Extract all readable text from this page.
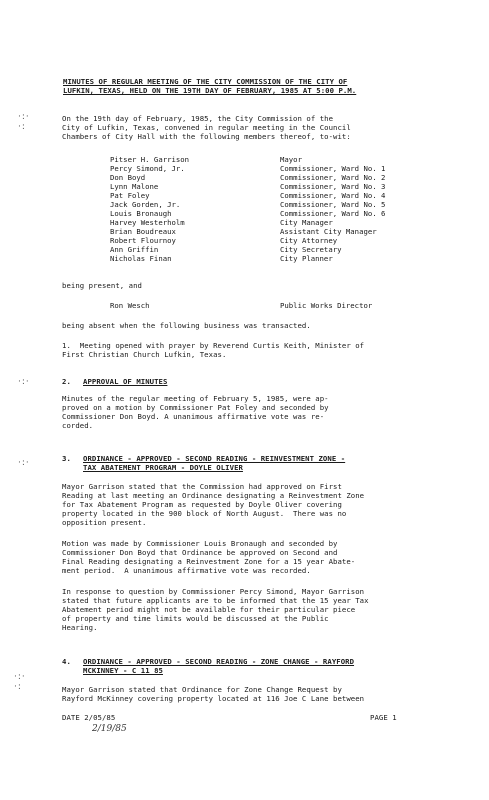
·:·
·:
·:·
·:·
·:·
·:
MINUTES OF REGULAR MEETING OF THE CITY COMMISSION OF THE CITY OF
LUFKIN, TEXAS, HELD ON THE 19TH DAY OF FEBRUARY, 1985 AT 5:00 P.M.
On the 19th day of February, 1985, the City Commission of the
City of Lufkin, Texas, convened in regular meeting in the Council
Chambers of City Hall with the following members thereof, to-wit:
Pitser H. Garrison	Mayor
Percy Simond, Jr.	Commissioner, Ward No. 1
Don Boyd	Commissioner, Ward No. 2
Lynn Malone	Commissioner, Ward No. 3
Pat Foley	Commissioner, Ward No. 4
Jack Gorden, Jr.	Commissioner, Ward No. 5
Louis Bronaugh	Commissioner, Ward No. 6
Harvey Westerholm	City Manager
Brian Boudreaux	Assistant City Manager
Robert Flournoy	City Attorney
Ann Griffin	City Secretary
Nicholas Finan	City Planner
being present, and
Ron Wesch	Public Works Director
being absent when the following business was transacted.
1.  Meeting opened with prayer by Reverend Curtis Keith, Minister of
First Christian Church Lufkin, Texas.
2. APPROVAL OF MINUTES
Minutes of the regular meeting of February 5, 1985, were ap-
proved on a motion by Commissioner Pat Foley and seconded by
Commissioner Don Boyd. A unanimous affirmative vote was re-
corded.
3. ORDINANCE - APPROVED - SECOND READING - REINVESTMENT ZONE -
TAX ABATEMENT PROGRAM - DOYLE OLIVER
Mayor Garrison stated that the Commission had approved on First
Reading at last meeting an Ordinance designating a Reinvestment Zone
for Tax Abatement Program as requested by Doyle Oliver covering
property located in the 900 block of North August.  There was no
opposition present.
Motion was made by Commissioner Louis Bronaugh and seconded by
Commissioner Don Boyd that Ordinance be approved on Second and
Final Reading designating a Reinvestment Zone for a 15 year Abate-
ment period.  A unanimous affirmative vote was recorded.
In response to question by Commissioner Percy Simond, Mayor Garrison
stated that future applicants are to be informed that the 15 year Tax
Abatement period might not be available for their particular piece
of property and time limits would be discussed at the Public
Hearing.
4. ORDINANCE - APPROVED - SECOND READING - ZONE CHANGE - RAYFORD
MCKINNEY - C 11 85
Mayor Garrison stated that Ordinance for Zone Change Request by
Rayford McKinney covering property located at 116 Joe C Lane between
DATE 2/05/85
2/19/85
PAGE 1
